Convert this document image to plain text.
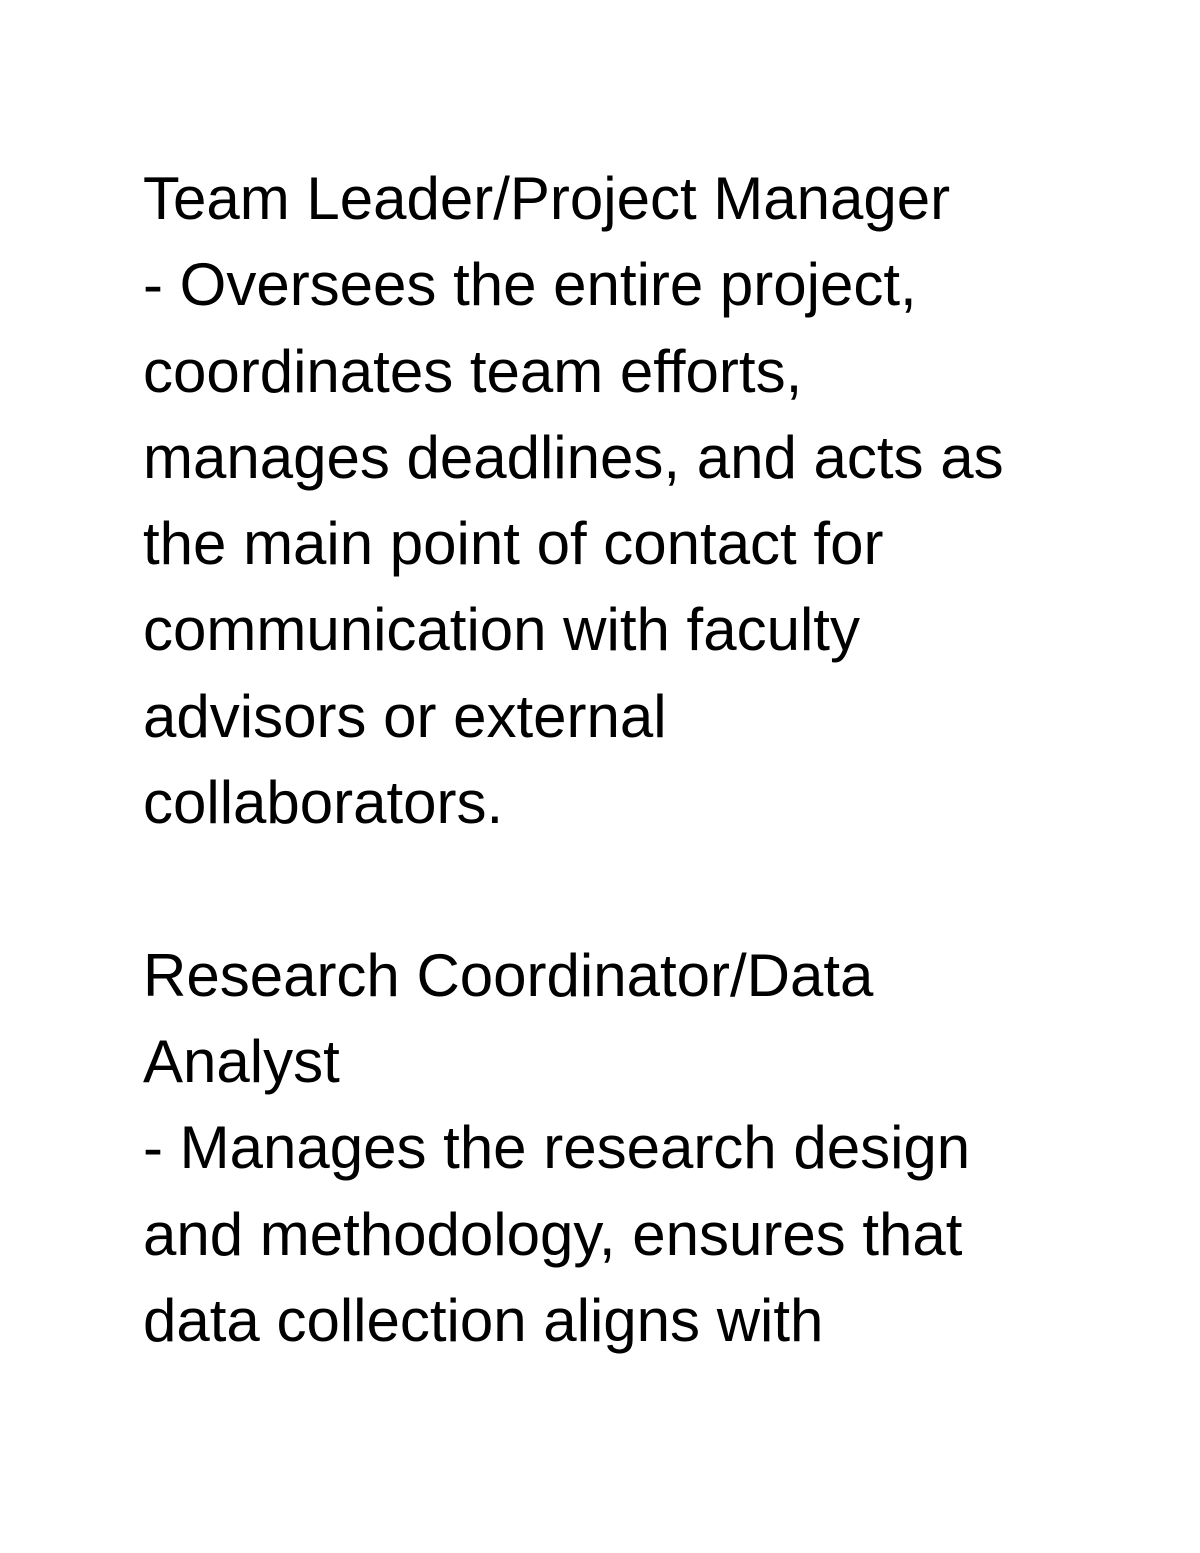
Team Leader/Project Manager
- Oversees the entire project,
coordinates team efforts,
manages deadlines, and acts as
the main point of contact for
communication with faculty
advisors or external
collaborators.
Research Coordinator/Data
Analyst
- Manages the research design
and methodology, ensures that
data collection aligns with
